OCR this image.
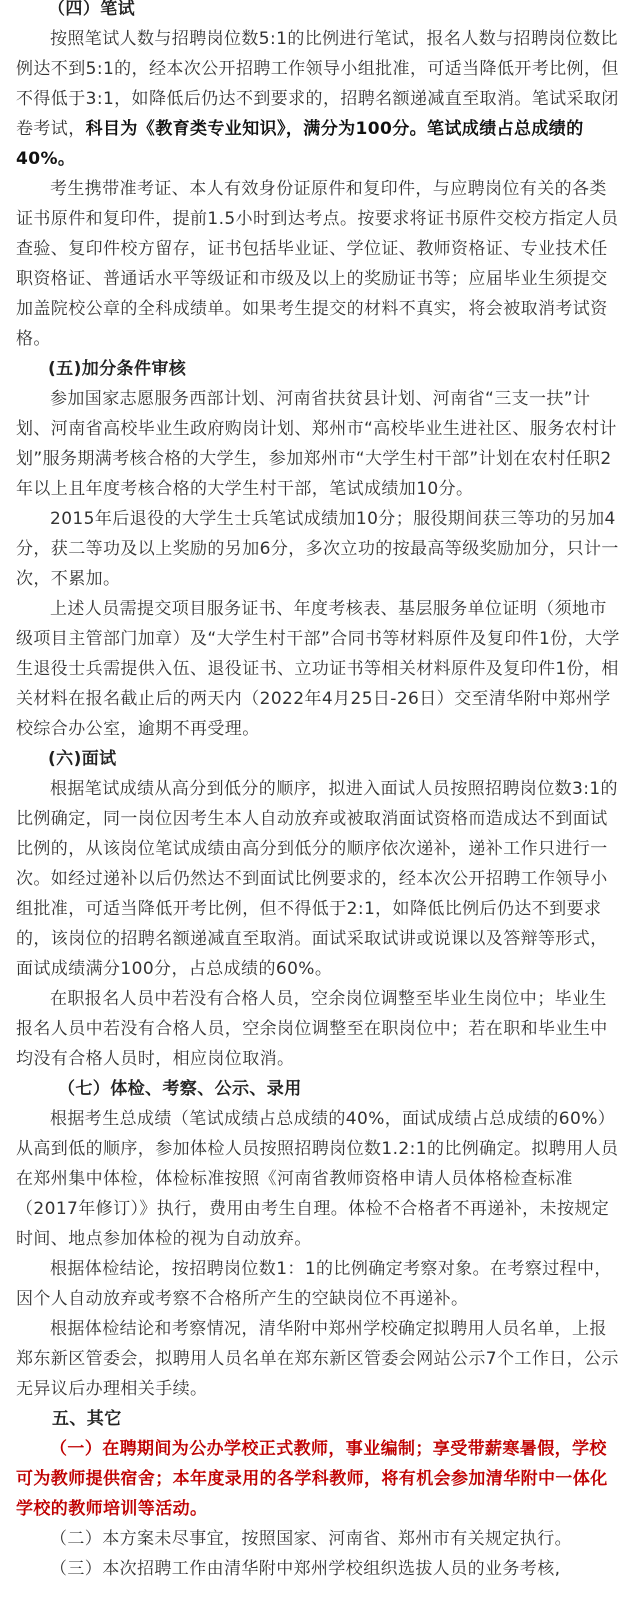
（四）笔试
按照笔试人数与招聘岗位数5:1的比例进行笔试，报名人数与招聘岗位数比例达不到5:1的，经本次公开招聘工作领导小组批准，可适当降低开考比例，但不得低于3:1，如降低后仍达不到要求的，招聘名额递减直至取消。笔试采取闭卷考试，科目为《教育类专业知识》，满分为100分。笔试成绩占总成绩的40%。
考生携带准考证、本人有效身份证原件和复印件，与应聘岗位有关的各类证书原件和复印件，提前1.5小时到达考点。按要求将证书原件交校方指定人员查验、复印件校方留存，证书包括毕业证、学位证、教师资格证、专业技术任职资格证、普通话水平等级证和市级及以上的奖励证书等；应届毕业生须提交加盖院校公章的全科成绩单。如果考生提交的材料不真实，将会被取消考试资格。
(五)加分条件审核
参加国家志愿服务西部计划、河南省扶贫县计划、河南省“三支一扶”计划、河南省高校毕业生政府购岗计划、郑州市“高校毕业生进社区、服务农村计划”服务期满考核合格的大学生，参加郑州市“大学生村干部”计划在农村任职2年以上且年度考核合格的大学生村干部，笔试成绩加10分。
2015年后退役的大学生士兵笔试成绩加10分；服役期间获三等功的另加4分，获二等功及以上奖励的另加6分，多次立功的按最高等级奖励加分，只计一次，不累加。
上述人员需提交项目服务证书、年度考核表、基层服务单位证明（须地市级项目主管部门加章）及“大学生村干部”合同书等材料原件及复印件1份，大学生退役士兵需提供入伍、退役证书、立功证书等相关材料原件及复印件1份，相关材料在报名截止后的两天内（2022年4月25日-26日）交至清华附中郑州学校综合办公室，逾期不再受理。
(六)面试
根据笔试成绩从高分到低分的顺序，拟进入面试人员按照招聘岗位数3:1的比例确定，同一岗位因考生本人自动放弃或被取消面试资格而造成达不到面试比例的，从该岗位笔试成绩由高分到低分的顺序依次递补，递补工作只进行一次。如经过递补以后仍然达不到面试比例要求的，经本次公开招聘工作领导小组批准，可适当降低开考比例，但不得低于2:1，如降低比例后仍达不到要求的，该岗位的招聘名额递减直至取消。面试采取试讲或说课以及答辩等形式，面试成绩满分100分，占总成绩的60%。
在职报名人员中若没有合格人员，空余岗位调整至毕业生岗位中；毕业生报名人员中若没有合格人员，空余岗位调整至在职岗位中；若在职和毕业生中均没有合格人员时，相应岗位取消。
（七）体检、考察、公示、录用
根据考生总成绩（笔试成绩占总成绩的40%，面试成绩占总成绩的60%）从高到低的顺序，参加体检人员按照招聘岗位数1.2:1的比例确定。拟聘用人员在郑州集中体检，体检标准按照《河南省教师资格申请人员体格检查标准（2017年修订）》执行，费用由考生自理。体检不合格者不再递补，未按规定时间、地点参加体检的视为自动放弃。
根据体检结论，按招聘岗位数1：1的比例确定考察对象。在考察过程中，因个人自动放弃或考察不合格所产生的空缺岗位不再递补。
根据体检结论和考察情况，清华附中郑州学校确定拟聘用人员名单，上报郑东新区管委会，拟聘用人员名单在郑东新区管委会网站公示7个工作日，公示无异议后办理相关手续。
五、其它
（一）在聘期间为公办学校正式教师，事业编制；享受带薪寒暑假，学校可为教师提供宿舍；本年度录用的各学科教师，将有机会参加清华附中一体化学校的教师培训等活动。
（二）本方案未尽事宜，按照国家、河南省、郑州市有关规定执行。
（三）本次招聘工作由清华附中郑州学校组织选拔人员的业务考核,
